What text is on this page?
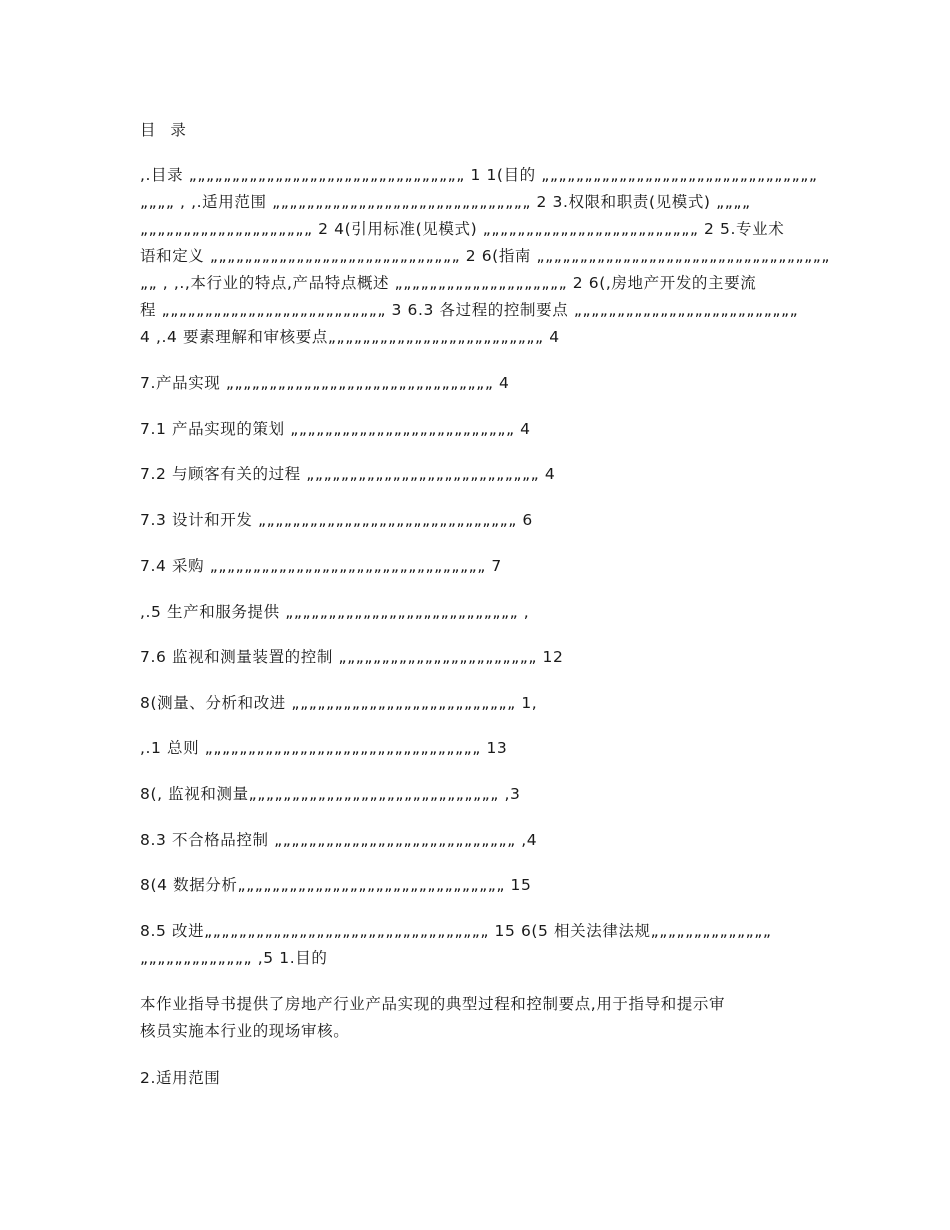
目 录
,.目录 „„„„„„„„„„„„„„„„„„„„„„„„„„„„„„„„ 1 1(目的 „„„„„„„„„„„„„„„„„„„„„„„„„„„„„„„„
„„„„ , ,.适用范围 „„„„„„„„„„„„„„„„„„„„„„„„„„„„„„ 2 3.权限和职责(见模式) „„„„
„„„„„„„„„„„„„„„„„„„„ 2 4(引用标准(见模式) „„„„„„„„„„„„„„„„„„„„„„„„„ 2 5.专业术
语和定义 „„„„„„„„„„„„„„„„„„„„„„„„„„„„„ 2 6(指南 „„„„„„„„„„„„„„„„„„„„„„„„„„„„„„„„„„
„„ , ,.,本行业的特点,产品特点概述 „„„„„„„„„„„„„„„„„„„„ 2 6(,房地产开发的主要流
程 „„„„„„„„„„„„„„„„„„„„„„„„„„ 3 6.3 各过程的控制要点 „„„„„„„„„„„„„„„„„„„„„„„„„„
4 ,.4 要素理解和审核要点„„„„„„„„„„„„„„„„„„„„„„„„„ 4
7.产品实现 „„„„„„„„„„„„„„„„„„„„„„„„„„„„„„„ 4
7.1 产品实现的策划 „„„„„„„„„„„„„„„„„„„„„„„„„„ 4
7.2 与顾客有关的过程 „„„„„„„„„„„„„„„„„„„„„„„„„„„ 4
7.3 设计和开发 „„„„„„„„„„„„„„„„„„„„„„„„„„„„„„ 6
7.4 采购 „„„„„„„„„„„„„„„„„„„„„„„„„„„„„„„„ 7
,.5 生产和服务提供 „„„„„„„„„„„„„„„„„„„„„„„„„„„ ,
7.6 监视和测量装置的控制 „„„„„„„„„„„„„„„„„„„„„„„ 12
8(测量、分析和改进 „„„„„„„„„„„„„„„„„„„„„„„„„„ 1,
,.1 总则 „„„„„„„„„„„„„„„„„„„„„„„„„„„„„„„„ 13
8(, 监视和测量„„„„„„„„„„„„„„„„„„„„„„„„„„„„„ ,3
8.3 不合格品控制 „„„„„„„„„„„„„„„„„„„„„„„„„„„„ ,4
8(4 数据分析„„„„„„„„„„„„„„„„„„„„„„„„„„„„„„„ 15
8.5 改进„„„„„„„„„„„„„„„„„„„„„„„„„„„„„„„„„ 15 6(5 相关法律法规„„„„„„„„„„„„„„
„„„„„„„„„„„„„ ,5 1.目的
本作业指导书提供了房地产行业产品实现的典型过程和控制要点,用于指导和提示审
核员实施本行业的现场审核。
2.适用范围
